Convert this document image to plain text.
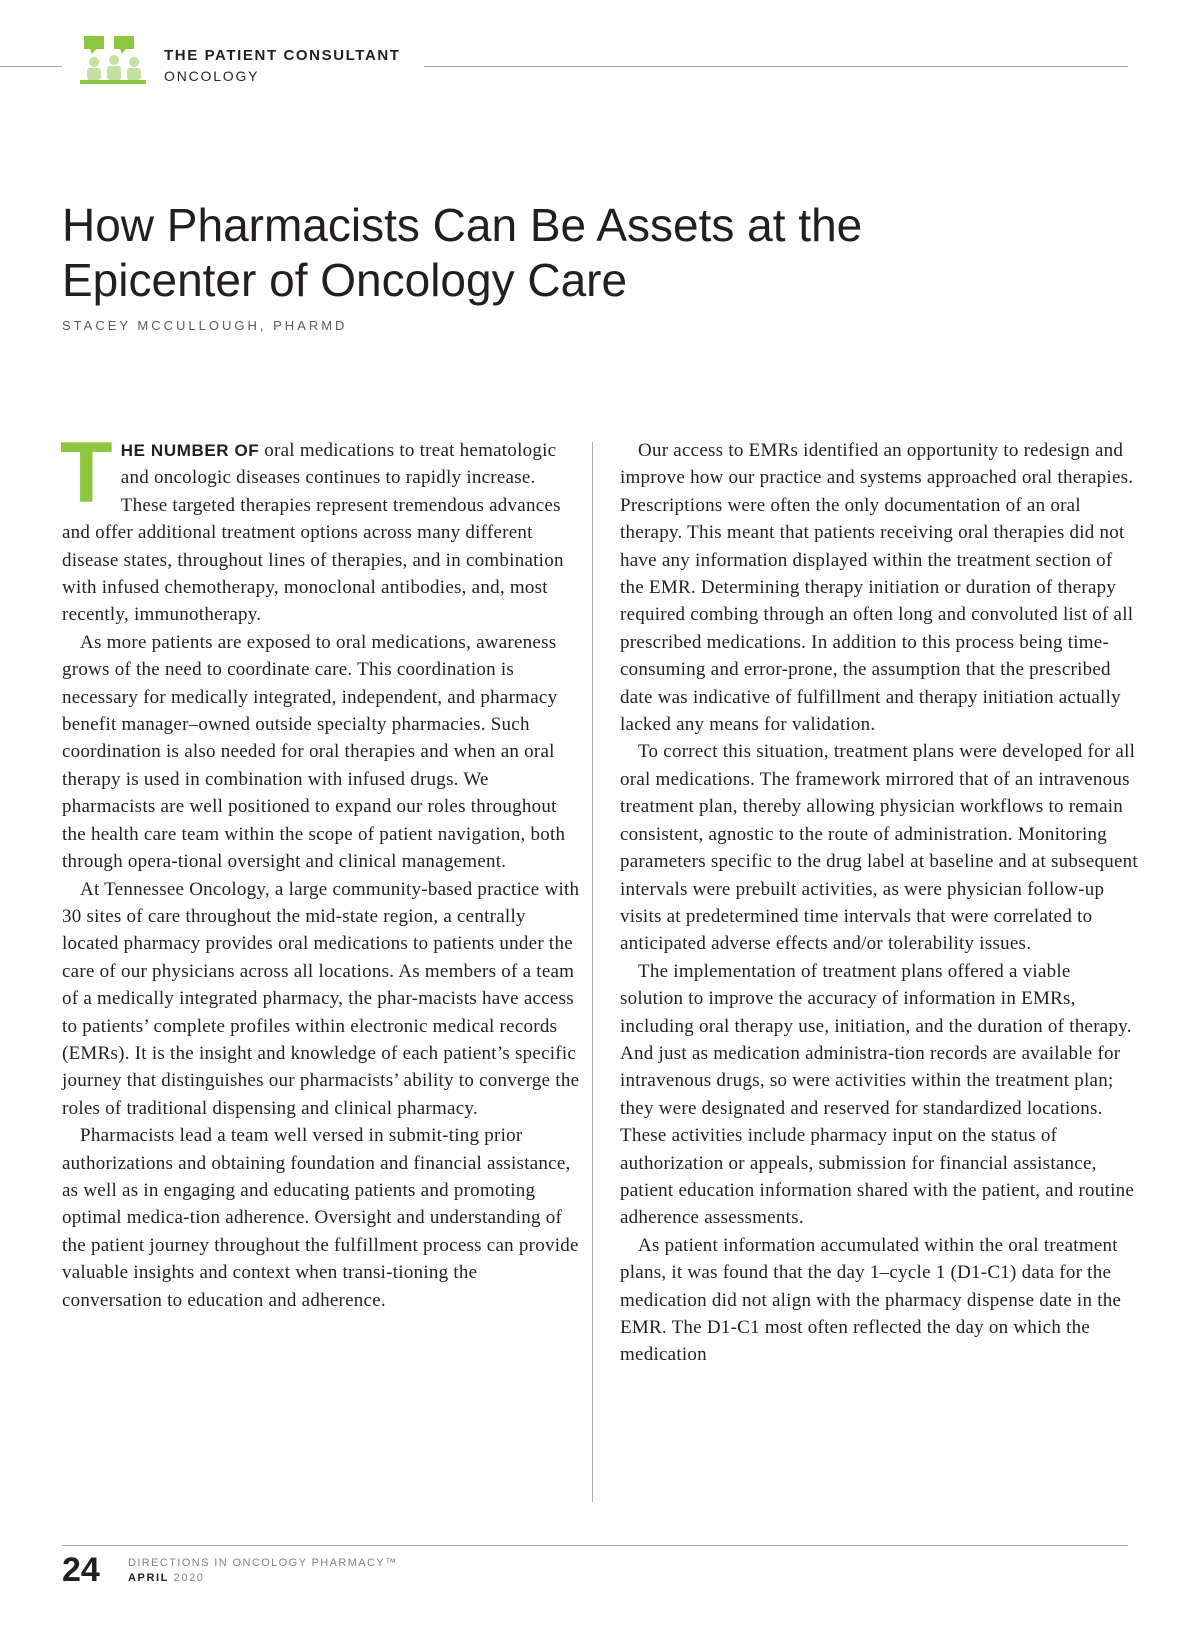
THE PATIENT CONSULTANT
ONCOLOGY
How Pharmacists Can Be Assets at the
Epicenter of Oncology Care
STACEY MCCULLOUGH, PHARMD

THE NUMBER OF oral medications to treat hematologic and oncologic diseases continues to rapidly increase. These targeted therapies represent tremendous advances and offer additional treatment options across many different disease states, throughout lines of therapies, and in combination with infused chemotherapy, monoclonal antibodies, and, most recently, immunotherapy.

As more patients are exposed to oral medications, awareness grows of the need to coordinate care. This coordination is necessary for medically integrated, independent, and pharmacy benefit manager–owned outside specialty pharmacies. Such coordination is also needed for oral therapies and when an oral therapy is used in combination with infused drugs. We pharmacists are well positioned to expand our roles throughout the health care team within the scope of patient navigation, both through opera-tional oversight and clinical management.

At Tennessee Oncology, a large community-based practice with 30 sites of care throughout the mid-state region, a centrally located pharmacy provides oral medications to patients under the care of our physicians across all locations. As members of a team of a medically integrated pharmacy, the phar-macists have access to patients’ complete profiles within electronic medical records (EMRs). It is the insight and knowledge of each patient’s specific journey that distinguishes our pharmacists’ ability to converge the roles of traditional dispensing and clinical pharmacy.

Pharmacists lead a team well versed in submit-ting prior authorizations and obtaining foundation and financial assistance, as well as in engaging and educating patients and promoting optimal medica-tion adherence. Oversight and understanding of the patient journey throughout the fulfillment process can provide valuable insights and context when transi-tioning the conversation to education and adherence.

Our access to EMRs identified an opportunity to redesign and improve how our practice and systems approached oral therapies. Prescriptions were often the only documentation of an oral therapy. This meant that patients receiving oral therapies did not have any information displayed within the treatment section of the EMR. Determining therapy initiation or duration of therapy required combing through an often long and convoluted list of all prescribed medications. In addition to this process being time-consuming and error-prone, the assumption that the prescribed date was indicative of fulfillment and therapy initiation actually lacked any means for validation.

To correct this situation, treatment plans were developed for all oral medications. The framework mirrored that of an intravenous treatment plan, thereby allowing physician workflows to remain consistent, agnostic to the route of administration. Monitoring parameters specific to the drug label at baseline and at subsequent intervals were prebuilt activities, as were physician follow-up visits at predetermined time intervals that were correlated to anticipated adverse effects and/or tolerability issues.

The implementation of treatment plans offered a viable solution to improve the accuracy of information in EMRs, including oral therapy use, initiation, and the duration of therapy. And just as medication administra-tion records are available for intravenous drugs, so were activities within the treatment plan; they were designated and reserved for standardized locations. These activities include pharmacy input on the status of authorization or appeals, submission for financial assistance, patient education information shared with the patient, and routine adherence assessments.

As patient information accumulated within the oral treatment plans, it was found that the day 1–cycle 1 (D1-C1) data for the medication did not align with the pharmacy dispense date in the EMR. The D1-C1 most often reflected the day on which the medication

24	DIRECTIONS IN ONCOLOGY PHARMACY™
APRIL 2020
